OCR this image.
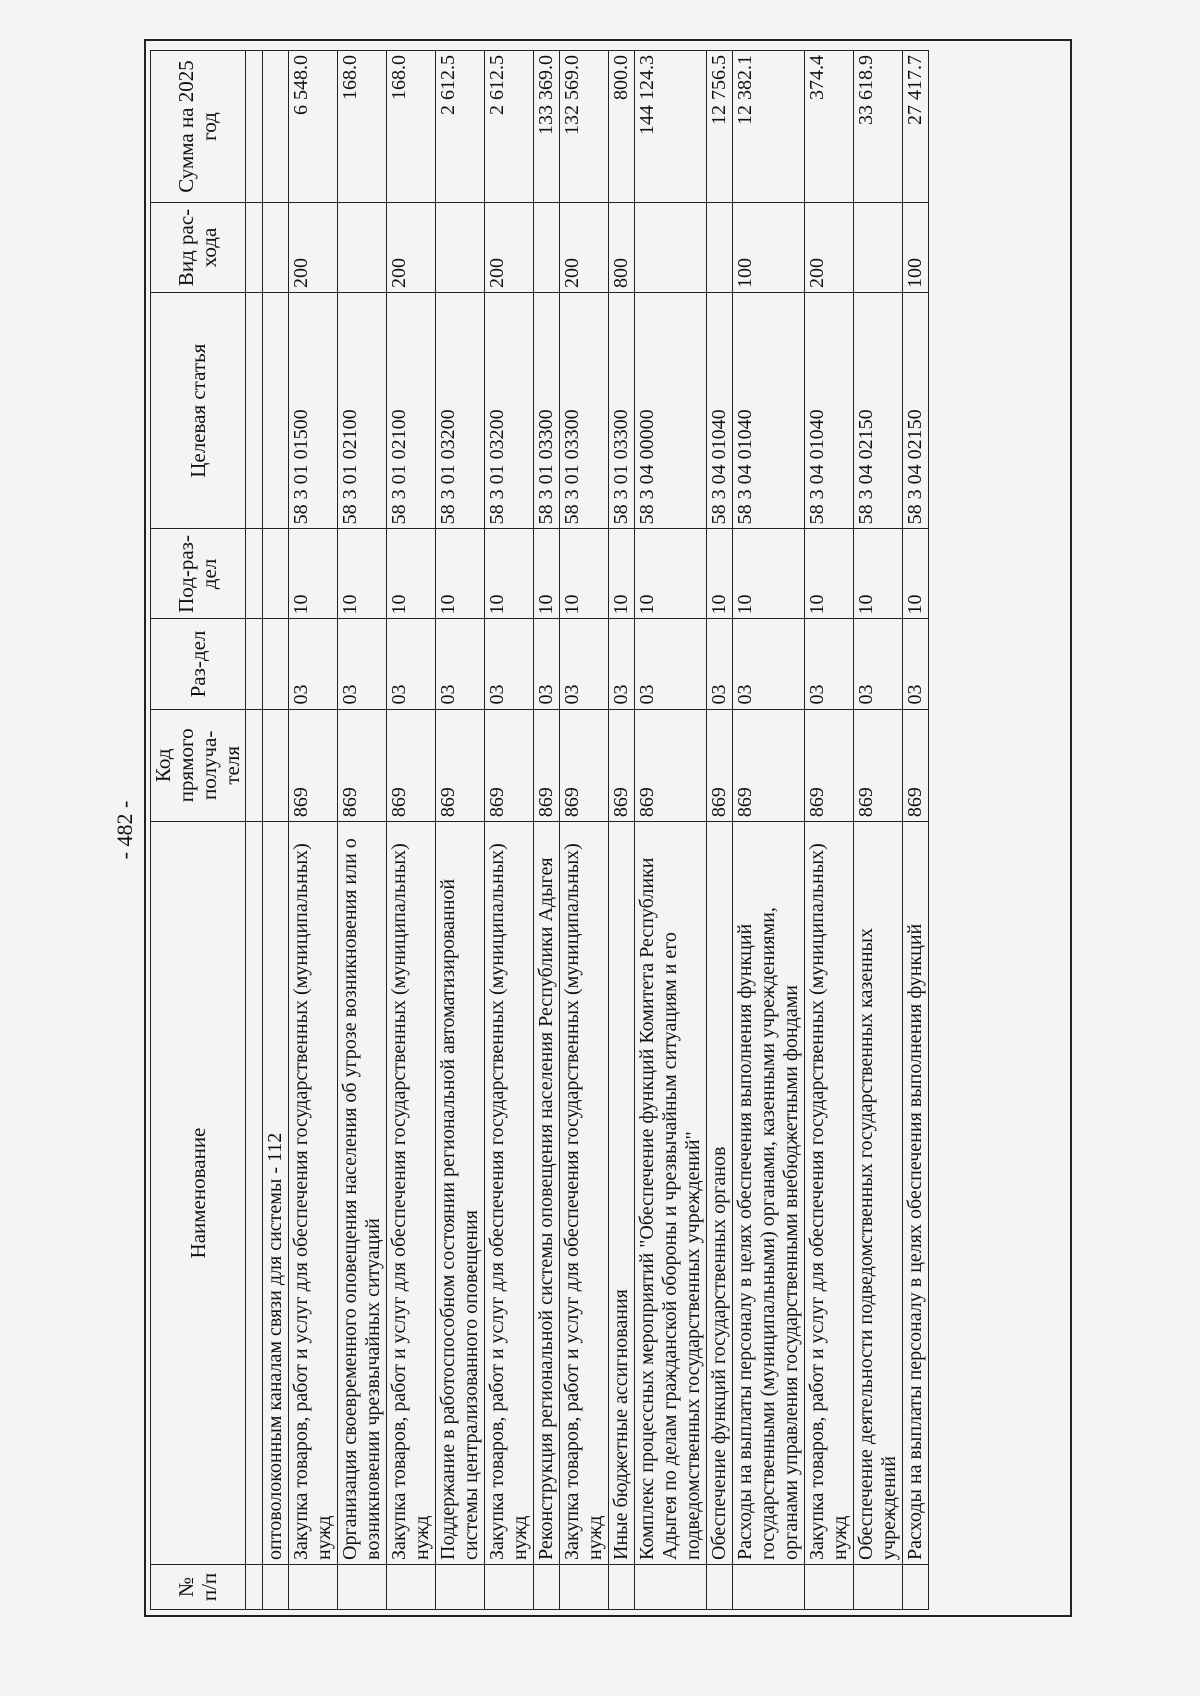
- 482 -
№ п/п	Наименование	Код прямого получа-теля	Раз-дел	Под-раз-дел	Целевая статья	Вид рас-хода	Сумма на 2025 год

	оптоволоконным каналам связи для системы - 112						
	Закупка товаров, работ и услуг для обеспечения государственных (муниципальных) нужд	869	03	10	58 3 01 01500	200	6 548.0
	Организация своевременного оповещения населения об угрозе возникновения или о возникновении чрезвычайных ситуаций	869	03	10	58 3 01 02100		168.0
	Закупка товаров, работ и услуг для обеспечения государственных (муниципальных) нужд	869	03	10	58 3 01 02100	200	168.0
	Поддержание в работоспособном состоянии региональной автоматизированной системы централизованного оповещения	869	03	10	58 3 01 03200		2 612.5
	Закупка товаров, работ и услуг для обеспечения государственных (муниципальных) нужд	869	03	10	58 3 01 03200	200	2 612.5
	Реконструкция региональной системы оповещения населения Республики Адыгея	869	03	10	58 3 01 03300		133 369.0
	Закупка товаров, работ и услуг для обеспечения государственных (муниципальных) нужд	869	03	10	58 3 01 03300	200	132 569.0
	Иные бюджетные ассигнования	869	03	10	58 3 01 03300	800	800.0
	Комплекс процессных мероприятий "Обеспечение функций Комитета Республики Адыгея по делам гражданской обороны и чрезвычайным ситуациям и его подведомственных государственных учреждений"	869	03	10	58 3 04 00000		144 124.3
	Обеспечение функций государственных органов	869	03	10	58 3 04 01040		12 756.5
	Расходы на выплаты персоналу в целях обеспечения выполнения функций государственными (муниципальными) органами, казенными учреждениями, органами управления государственными внебюджетными фондами	869	03	10	58 3 04 01040	100	12 382.1
	Закупка товаров, работ и услуг для обеспечения государственных (муниципальных) нужд	869	03	10	58 3 04 01040	200	374.4
	Обеспечение деятельности подведомственных государственных казенных учреждений	869	03	10	58 3 04 02150		33 618.9
	Расходы на выплаты персоналу в целях обеспечения выполнения функций	869	03	10	58 3 04 02150	100	27 417.7
